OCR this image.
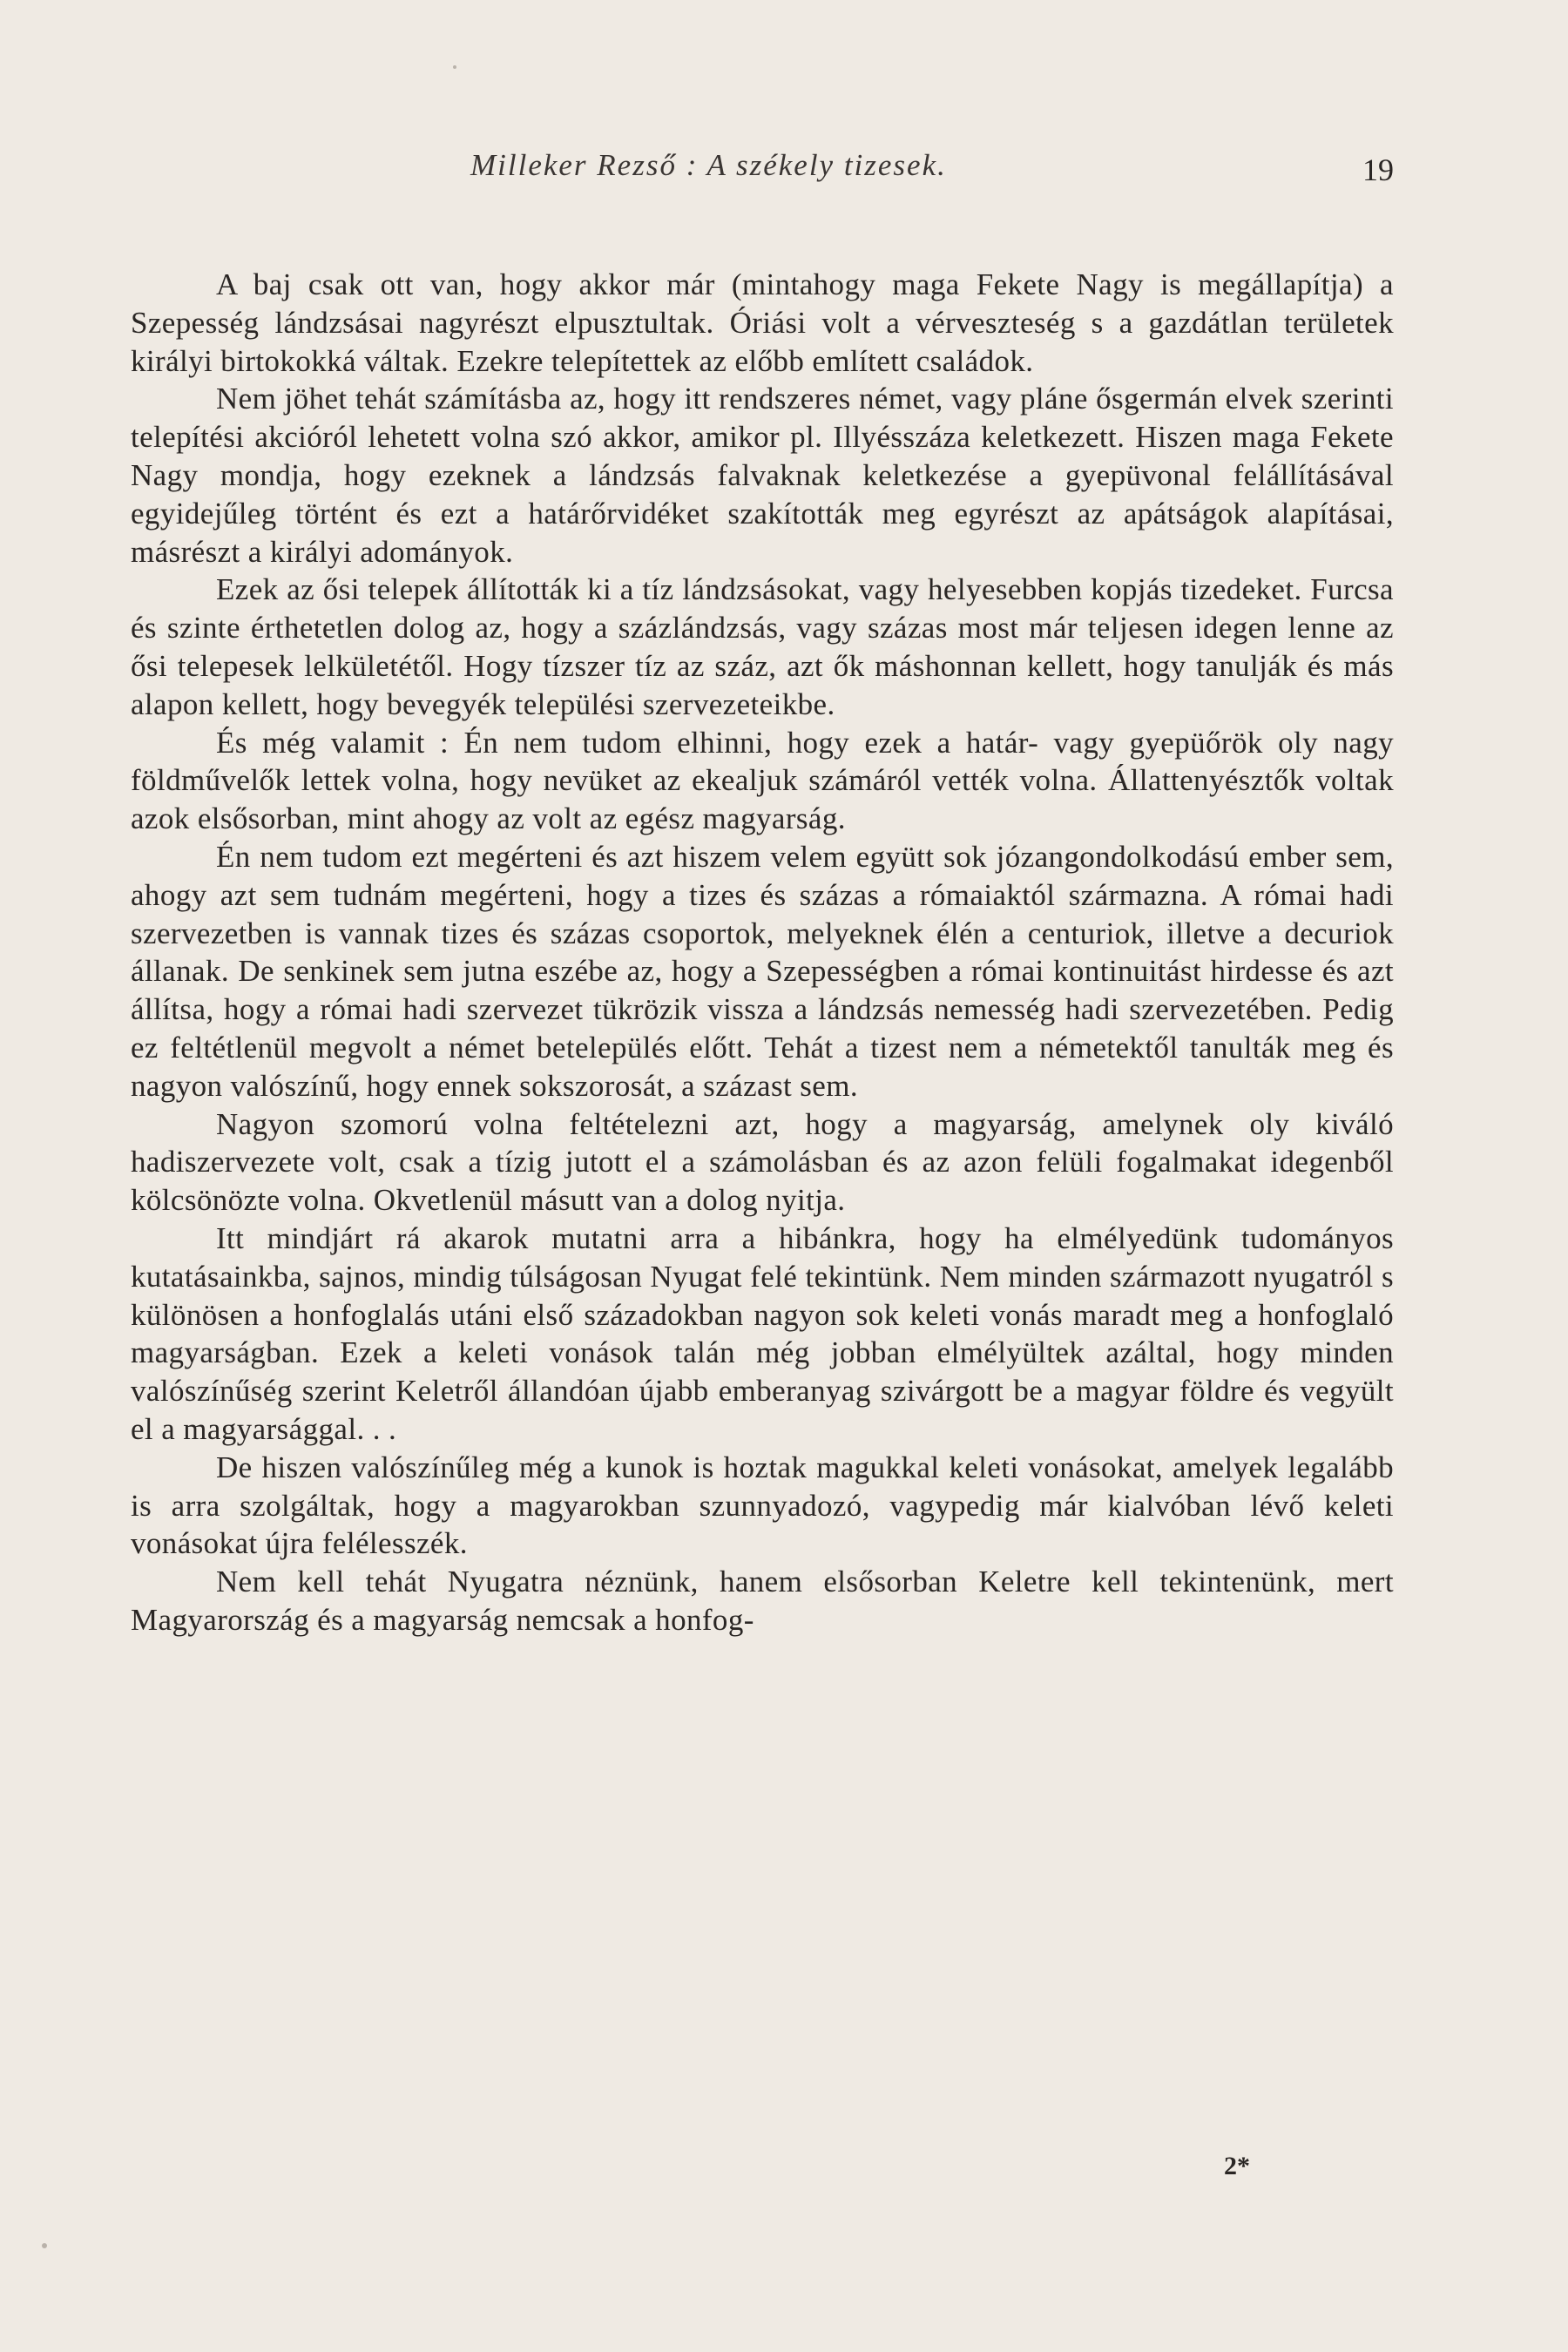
Milleker Rezső : A székely tizesek.	19

A baj csak ott van, hogy akkor már (mintahogy maga Fekete Nagy is megállapítja) a Szepesség lándzsásai nagyrészt elpusztultak. Óriási volt a vérveszteség s a gazdátlan területek királyi birtokokká váltak. Ezekre telepítettek az előbb említett családok.

Nem jöhet tehát számításba az, hogy itt rendszeres német, vagy pláne ősgermán elvek szerinti telepítési akcióról lehetett volna szó akkor, amikor pl. Illyésszáza keletkezett. Hiszen maga Fekete Nagy mondja, hogy ezeknek a lándzsás falvaknak keletkezése a gyepüvonal felállításával egyidejűleg történt és ezt a határőrvidéket szakították meg egyrészt az apátságok alapításai, másrészt a királyi adományok.

Ezek az ősi telepek állították ki a tíz lándzsásokat, vagy helyesebben kopjás tizedeket. Furcsa és szinte érthetetlen dolog az, hogy a százlándzsás, vagy százas most már teljesen idegen lenne az ősi telepesek lelkületétől. Hogy tízszer tíz az száz, azt ők máshonnan kellett, hogy tanulják és más alapon kellett, hogy bevegyék települési szervezeteikbe.

És még valamit : Én nem tudom elhinni, hogy ezek a határ- vagy gyepüőrök oly nagy földművelők lettek volna, hogy nevüket az ekealjuk számáról vették volna. Állattenyésztők voltak azok elsősorban, mint ahogy az volt az egész magyarság.

Én nem tudom ezt megérteni és azt hiszem velem együtt sok józangondolkodású ember sem, ahogy azt sem tudnám megérteni, hogy a tizes és százas a rómaiaktól származna. A római hadi szervezetben is vannak tizes és százas csoportok, melyeknek élén a centuriok, illetve a decuriok állanak. De senkinek sem jutna eszébe az, hogy a Szepességben a római kontinuitást hirdesse és azt állítsa, hogy a római hadi szervezet tükrözik vissza a lándzsás nemesség hadi szervezetében. Pedig ez feltétlenül megvolt a német betelepülés előtt. Tehát a tizest nem a németektől tanulták meg és nagyon valószínű, hogy ennek sokszorosát, a százast sem.

Nagyon szomorú volna feltételezni azt, hogy a magyarság, amelynek oly kiváló hadiszervezete volt, csak a tízig jutott el a számolásban és az azon felüli fogalmakat idegenből kölcsönözte volna. Okvetlenül másutt van a dolog nyitja.

Itt mindjárt rá akarok mutatni arra a hibánkra, hogy ha elmélyedünk tudományos kutatásainkba, sajnos, mindig túlságosan Nyugat felé tekintünk. Nem minden származott nyugatról s különösen a honfoglalás utáni első századokban nagyon sok keleti vonás maradt meg a honfoglaló magyarságban. Ezek a keleti vonások talán még jobban elmélyültek azáltal, hogy minden valószínűség szerint Keletről állandóan újabb emberanyag szivárgott be a magyar földre és vegyült el a magyarsággal. . .

De hiszen valószínűleg még a kunok is hoztak magukkal keleti vonásokat, amelyek legalább is arra szolgáltak, hogy a magyarokban szunnyadozó, vagypedig már kialvóban lévő keleti vonásokat újra felélesszék.

Nem kell tehát Nyugatra néznünk, hanem elsősorban Keletre kell tekintenünk, mert Magyarország és a magyarság nemcsak a honfog-

2*
